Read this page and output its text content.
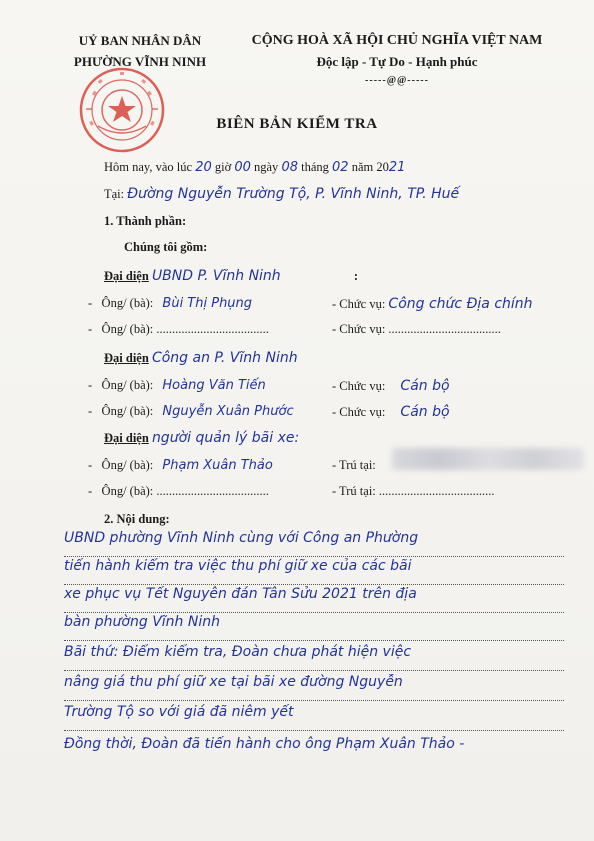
UỶ BAN NHÂN DÂN
PHƯỜNG VĨNH NINH
CỘNG HOÀ XÃ HỘI CHỦ NGHĨA VIỆT NAM
Độc lập - Tự Do - Hạnh phúc
-----@@-----
BIÊN BẢN KIỂM TRA
Hôm nay, vào lúc 20 giờ 00 ngày 08 tháng 02 năm 2021
Tại: Đường Nguyễn Trường Tộ, P. Vĩnh Ninh, TP. Huế
1. Thành phần:
Chúng tôi gồm:
Đại diện UBND P. Vĩnh Ninh	:
-   Ông/ (bà): Bùi Thị Phụng	- Chức vụ: Công chức Địa chính
-   Ông/ (bà): ....................................	- Chức vụ: ....................................
Đại diện Công an P. Vĩnh Ninh
-   Ông/ (bà): Hoàng Văn Tiến	- Chức vụ: Cán bộ
-   Ông/ (bà): Nguyễn Xuân Phước	- Chức vụ: Cán bộ
Đại diện người quản lý bãi xe:
-   Ông/ (bà): Phạm Xuân Thảo	- Trú tại:
-   Ông/ (bà): ....................................	- Trú tại: .....................................
2. Nội dung:
UBND phường Vĩnh Ninh cùng với Công an Phường
tiến hành kiểm tra việc thu phí giữ xe của các bãi
xe phục vụ Tết Nguyên đán Tân Sửu 2021 trên địa
bàn phường Vĩnh Ninh
Bãi thứ: Điểm kiểm tra, Đoàn chưa phát hiện việc
nâng giá thu phí giữ xe tại bãi xe đường Nguyễn
Trường Tộ so với giá đã niêm yết
Đồng thời, Đoàn đã tiến hành cho ông Phạm Xuân Thảo -
